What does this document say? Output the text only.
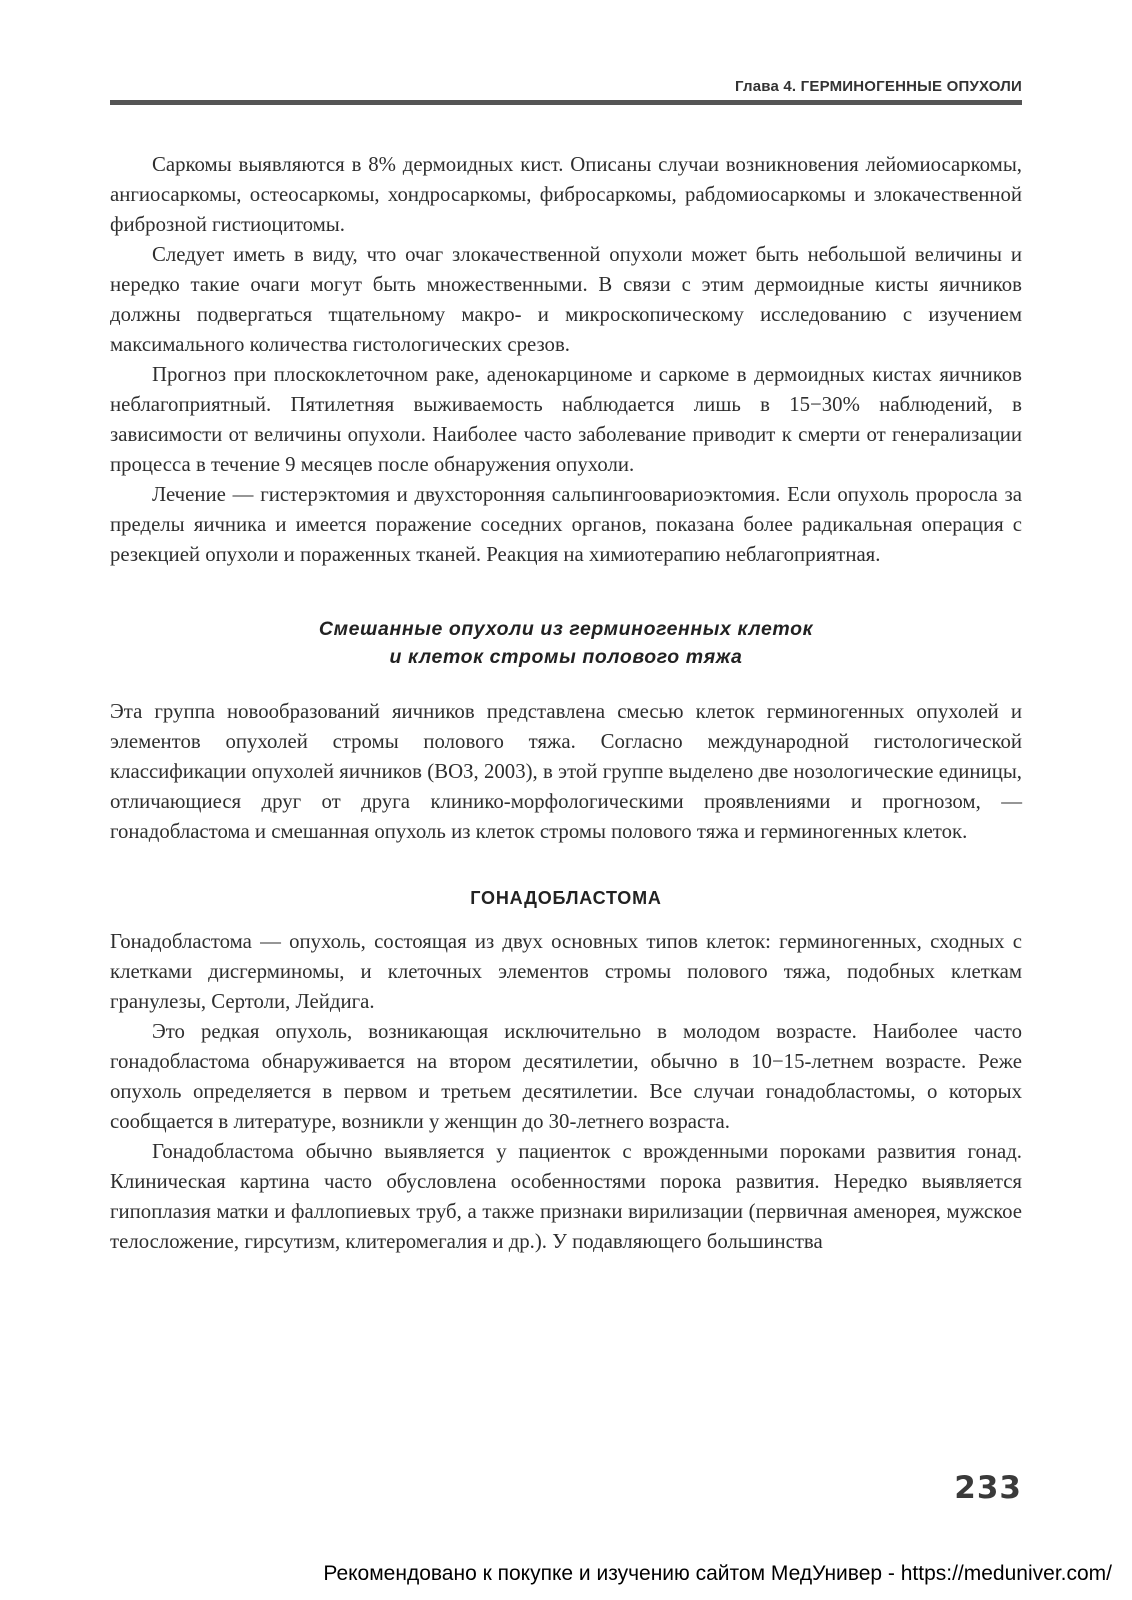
Глава 4. ГЕРМИНОГЕННЫЕ ОПУХОЛИ

Саркомы выявляются в 8% дермоидных кист. Описаны случаи возникновения лейомиосаркомы, ангиосаркомы, остеосаркомы, хондросаркомы, фибросаркомы, рабдомиосаркомы и злокачественной фиброзной гистиоцитомы.

Следует иметь в виду, что очаг злокачественной опухоли может быть небольшой величины и нередко такие очаги могут быть множественными. В связи с этим дермоидные кисты яичников должны подвергаться тщательному макро- и микроскопическому исследованию с изучением максимального количества гистологических срезов.

Прогноз при плоскоклеточном раке, аденокарциноме и саркоме в дермоидных кистах яичников неблагоприятный. Пятилетняя выживаемость наблюдается лишь в 15−30% наблюдений, в зависимости от величины опухоли. Наиболее часто заболевание приводит к смерти от генерализации процесса в течение 9 месяцев после обнаружения опухоли.

Лечение — гистерэктомия и двухсторонняя сальпингоовариоэктомия. Если опухоль проросла за пределы яичника и имеется поражение соседних органов, показана более радикальная операция с резекцией опухоли и пораженных тканей. Реакция на химиотерапию неблагоприятная.

Смешанные опухоли из герминогенных клеток
и клеток стромы полового тяжа

Эта группа новообразований яичников представлена смесью клеток герминогенных опухолей и элементов опухолей стромы полового тяжа. Согласно международной гистологической классификации опухолей яичников (ВОЗ, 2003), в этой группе выделено две нозологические единицы, отличающиеся друг от друга клинико-морфологическими проявлениями и прогнозом, — гонадобластома и смешанная опухоль из клеток стромы полового тяжа и герминогенных клеток.

ГОНАДОБЛАСТОМА

Гонадобластома — опухоль, состоящая из двух основных типов клеток: герминогенных, сходных с клетками дисгерминомы, и клеточных элементов стромы полового тяжа, подобных клеткам гранулезы, Сертоли, Лейдига.

Это редкая опухоль, возникающая исключительно в молодом возрасте. Наиболее часто гонадобластома обнаруживается на втором десятилетии, обычно в 10−15-летнем возрасте. Реже опухоль определяется в первом и третьем десятилетии. Все случаи гонадобластомы, о которых сообщается в литературе, возникли у женщин до 30-летнего возраста.

Гонадобластома обычно выявляется у пациенток с врожденными пороками развития гонад. Клиническая картина часто обусловлена особенностями порока развития. Нередко выявляется гипоплазия матки и фаллопиевых труб, а также признаки вирилизации (первичная аменорея, мужское телосложение, гирсутизм, клитеромегалия и др.). У подавляющего большинства

233
Рекомендовано к покупке и изучению сайтом МедУнивер - https://meduniver.com/
